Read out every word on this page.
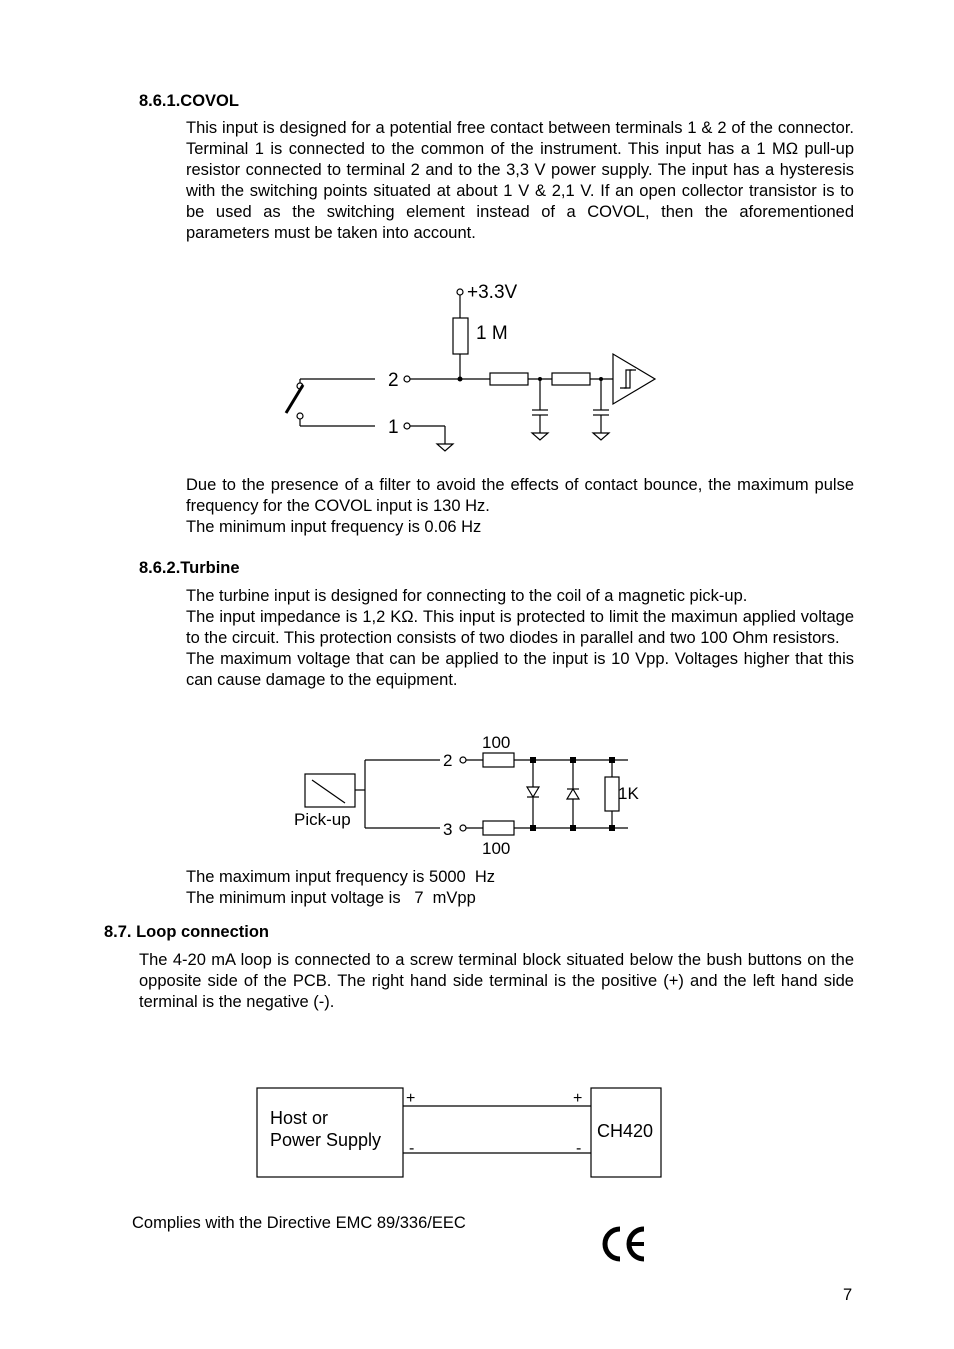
8.6.1.COVOL

This input is designed for a potential free contact between terminals 1 & 2 of the connector. Terminal 1 is connected to the common of the instrument. This input has a 1 MΩ pull-up resistor connected to terminal 2 and to the 3,3 V power supply. The input has a hysteresis with the switching points situated at about 1 V & 2,1 V. If an open collector transistor is to be used as the switching element instead of a COVOL, then the aforementioned parameters must be taken into account.

+3.3V
1 M
2
1
Due to the presence of a filter to avoid the effects of contact bounce, the maximum pulse frequency for the COVOL input is 130 Hz.
The minimum input frequency is 0.06 Hz
8.6.2.Turbine
The turbine input is designed for connecting to the coil of a magnetic pick-up.
The input impedance is 1,2 KΩ. This input is protected to limit the maximun applied voltage to the circuit. This protection consists of two diodes in parallel and two 100 Ohm resistors.
The maximum voltage that can be applied to the input is 10 Vpp. Voltages higher that this can cause damage to the equipment.
100
100
1K
2
3
Pick-up
The maximum input frequency is 5000  Hz
The minimum input voltage is   7  mVpp
8.7. Loop connection

The 4-20 mA loop is connected to a screw terminal block situated below the bush buttons on the opposite side of the PCB. The right hand side terminal is the positive (+) and the left hand side terminal is the negative (-).

Host or
Power Supply	CH420
+	+
-	-
Complies with the Directive EMC 89/336/EEC
7
